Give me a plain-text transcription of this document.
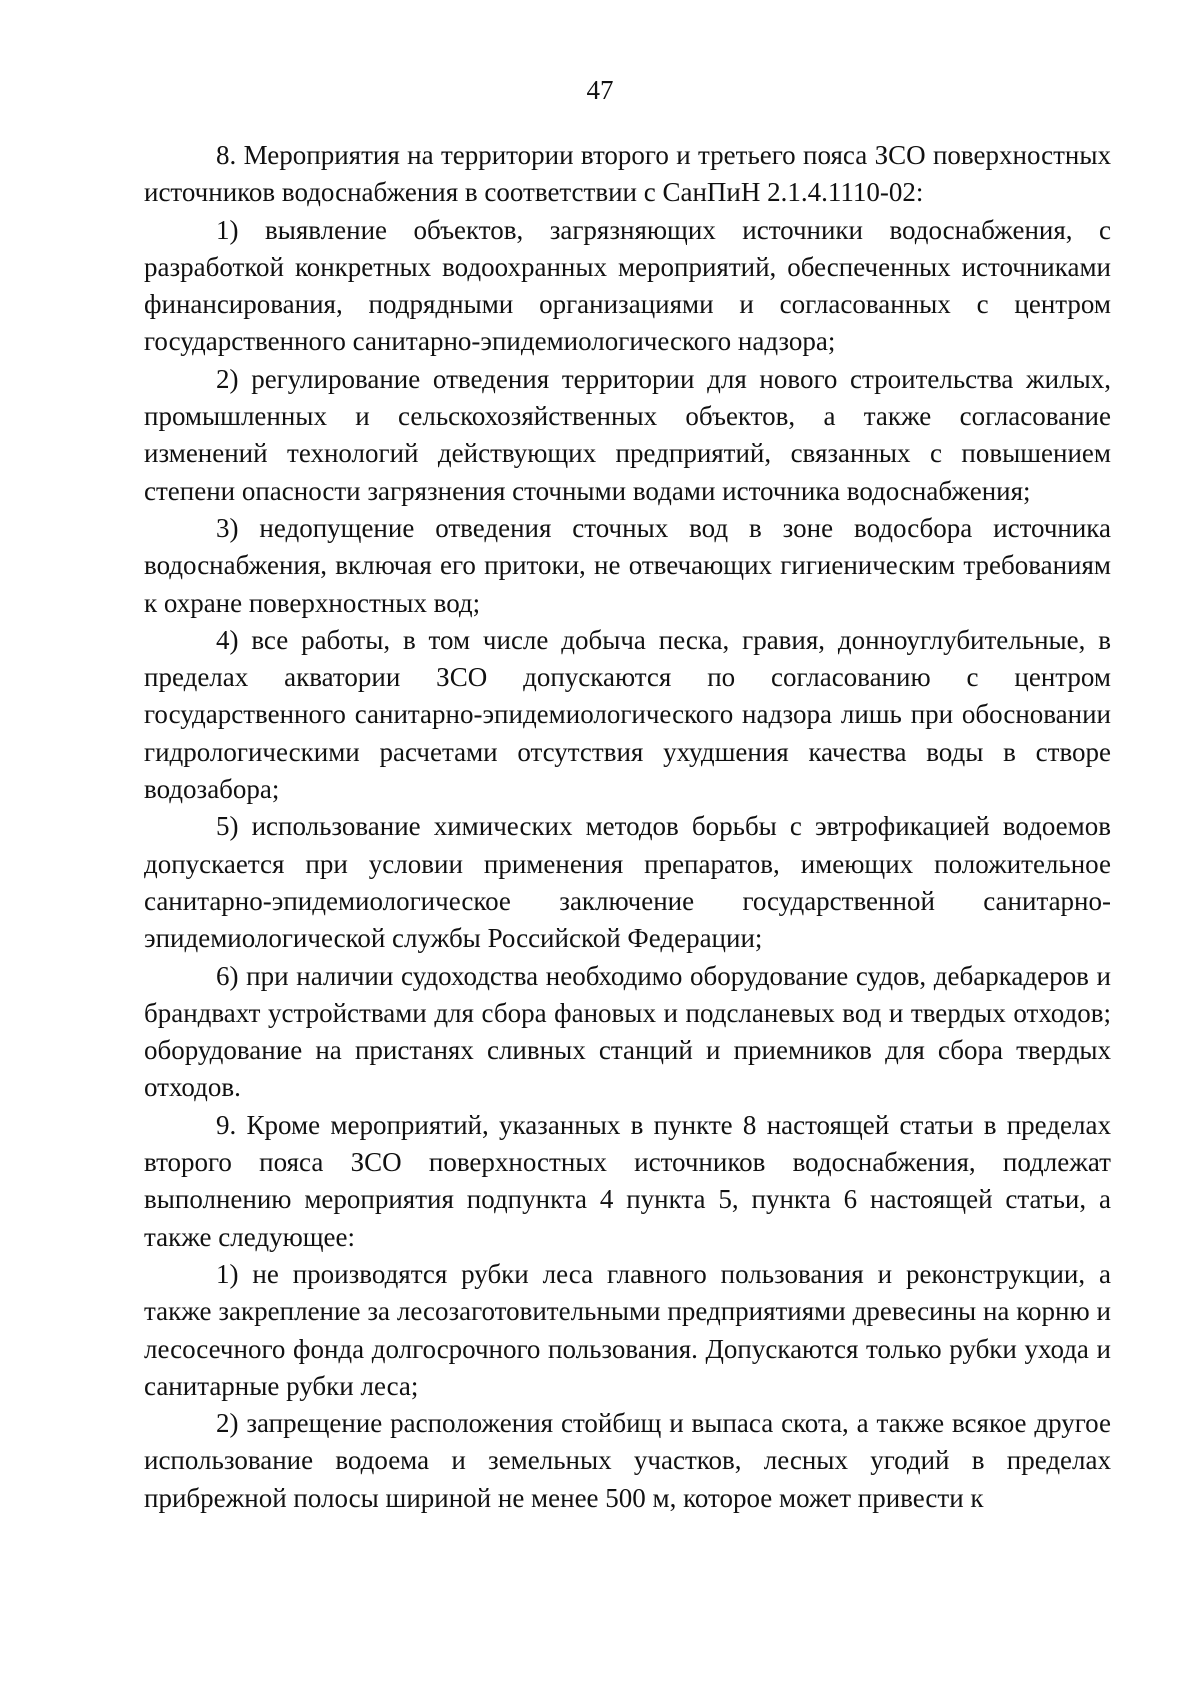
47

8. Мероприятия на территории второго и третьего пояса ЗСО поверхностных источников водоснабжения в соответствии с СанПиН 2.1.4.1110-02:

1) выявление объектов, загрязняющих источники водоснабжения, с разработкой конкретных водоохранных мероприятий, обеспеченных источниками финансирования, подрядными организациями и согласованных с центром государственного санитарно-эпидемиологического надзора;

2) регулирование отведения территории для нового строительства жилых, промышленных и сельскохозяйственных объектов, а также согласование изменений технологий действующих предприятий, связанных с повышением степени опасности загрязнения сточными водами источника водоснабжения;

3) недопущение отведения сточных вод в зоне водосбора источника водоснабжения, включая его притоки, не отвечающих гигиеническим требованиям к охране поверхностных вод;

4) все работы, в том числе добыча песка, гравия, донноуглубительные, в пределах акватории ЗСО допускаются по согласованию с центром государственного санитарно-эпидемиологического надзора лишь при обосновании гидрологическими расчетами отсутствия ухудшения качества воды в створе водозабора;

5) использование химических методов борьбы с эвтрофикацией водоемов допускается при условии применения препаратов, имеющих положительное санитарно-эпидемиологическое заключение государственной санитарно-эпидемиологической службы Российской Федерации;

6) при наличии судоходства необходимо оборудование судов, дебаркадеров и брандвахт устройствами для сбора фановых и подсланевых вод и твердых отходов; оборудование на пристанях сливных станций и приемников для сбора твердых отходов.

9. Кроме мероприятий, указанных в пункте 8 настоящей статьи в пределах второго пояса ЗСО поверхностных источников водоснабжения, подлежат выполнению мероприятия подпункта 4 пункта 5, пункта 6 настоящей статьи, а также следующее:

1) не производятся рубки леса главного пользования и реконструкции, а также закрепление за лесозаготовительными предприятиями древесины на корню и лесосечного фонда долгосрочного пользования. Допускаются только рубки ухода и санитарные рубки леса;

2) запрещение расположения стойбищ и выпаса скота, а также всякое другое использование водоема и земельных участков, лесных угодий в пределах прибрежной полосы шириной не менее 500 м, которое может привести к
